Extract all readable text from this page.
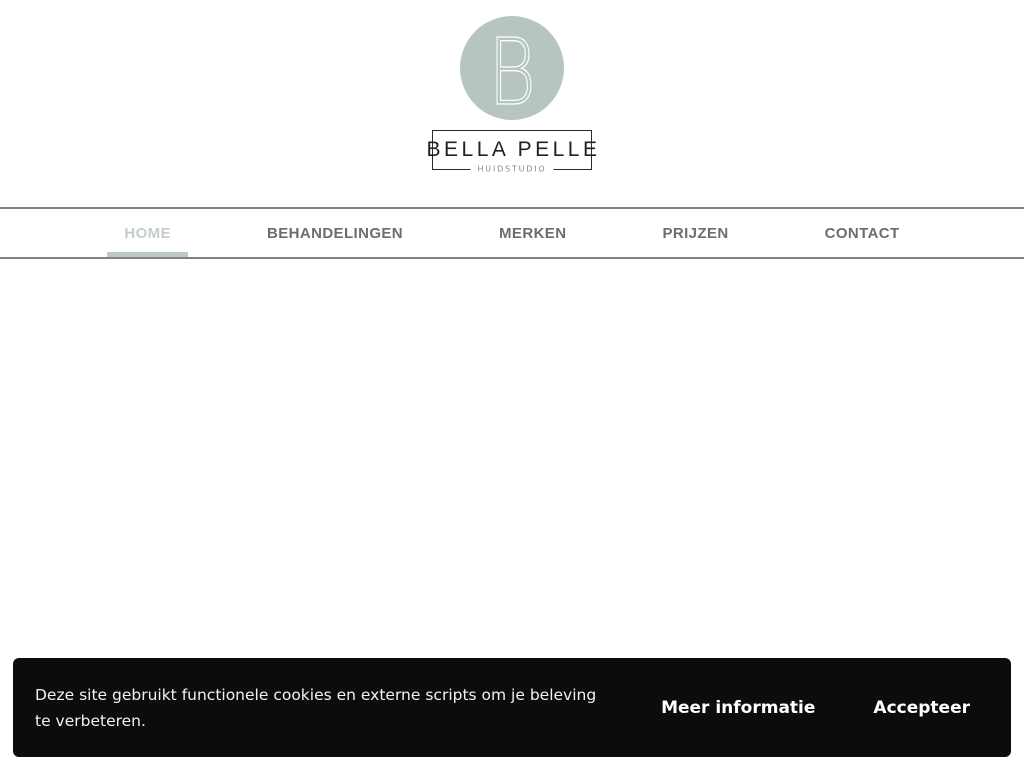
B
BELLA PELLE
HUIDSTUDIO
HOME	BEHANDELINGEN	MERKEN	PRIJZEN	CONTACT
Deze site gebruikt functionele cookies en externe scripts om je beleving te verbeteren.
Meer informatie	Accepteer
